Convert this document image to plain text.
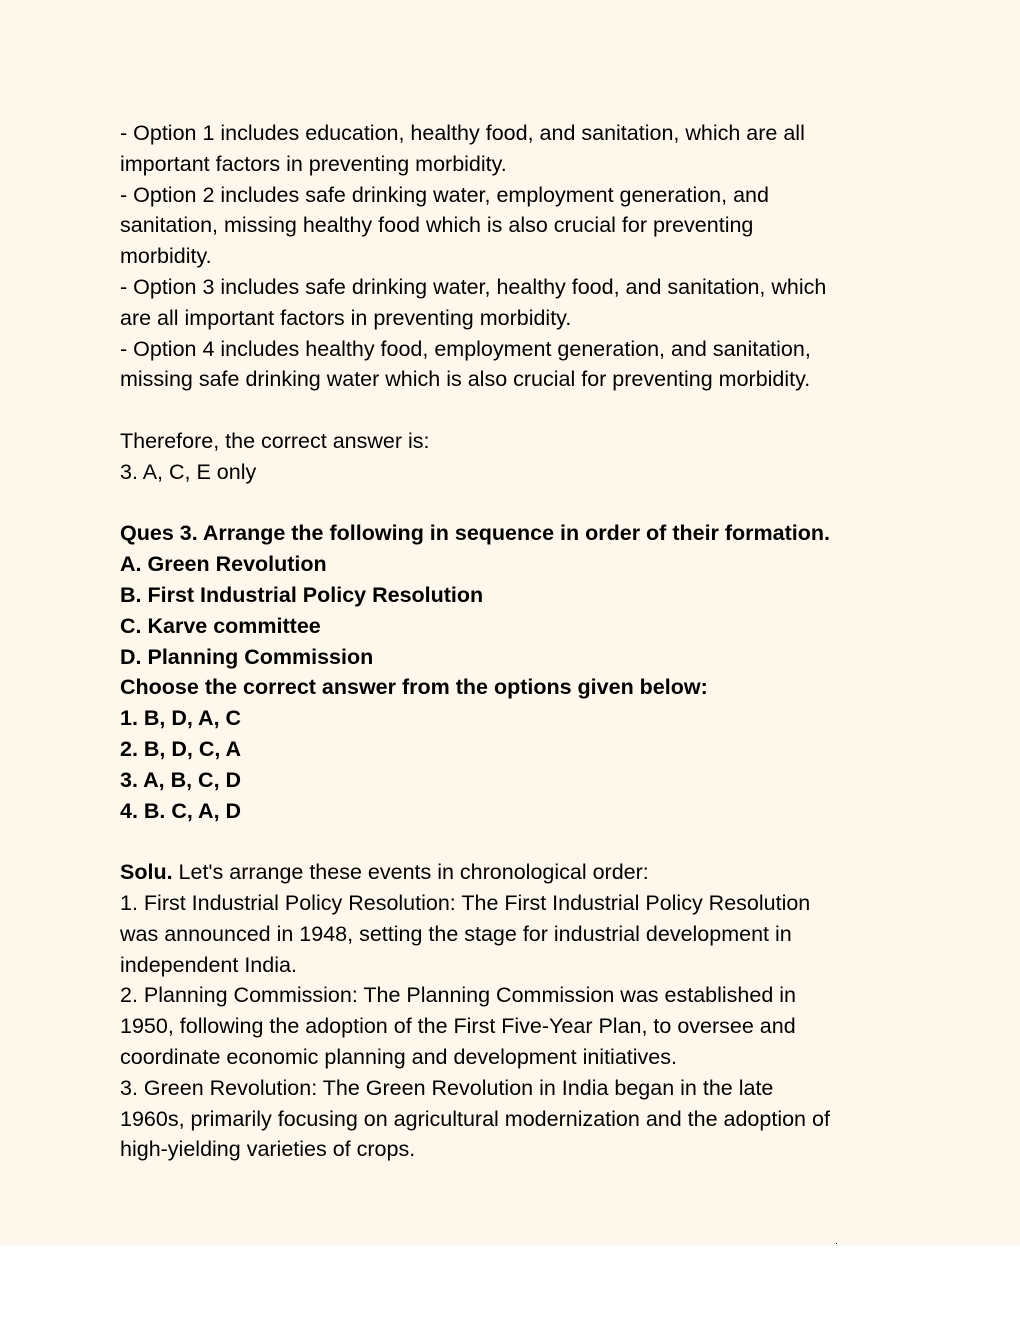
- Option 1 includes education, healthy food, and sanitation, which are all
important factors in preventing morbidity.
- Option 2 includes safe drinking water, employment generation, and
sanitation, missing healthy food which is also crucial for preventing
morbidity.
- Option 3 includes safe drinking water, healthy food, and sanitation, which
are all important factors in preventing morbidity.
- Option 4 includes healthy food, employment generation, and sanitation,
missing safe drinking water which is also crucial for preventing morbidity.
Therefore, the correct answer is:
3. A, C, E only
Ques 3. Arrange the following in sequence in order of their formation.
A. Green Revolution
B. First Industrial Policy Resolution
C. Karve committee
D. Planning Commission
Choose the correct answer from the options given below:
1. B, D, A, C
2. B, D, C, A
3. A, B, C, D
4. B. C, A, D
Solu. Let's arrange these events in chronological order:
1. First Industrial Policy Resolution: The First Industrial Policy Resolution
was announced in 1948, setting the stage for industrial development in
independent India.
2. Planning Commission: The Planning Commission was established in
1950, following the adoption of the First Five-Year Plan, to oversee and
coordinate economic planning and development initiatives.
3. Green Revolution: The Green Revolution in India began in the late
1960s, primarily focusing on agricultural modernization and the adoption of
high-yielding varieties of crops.
